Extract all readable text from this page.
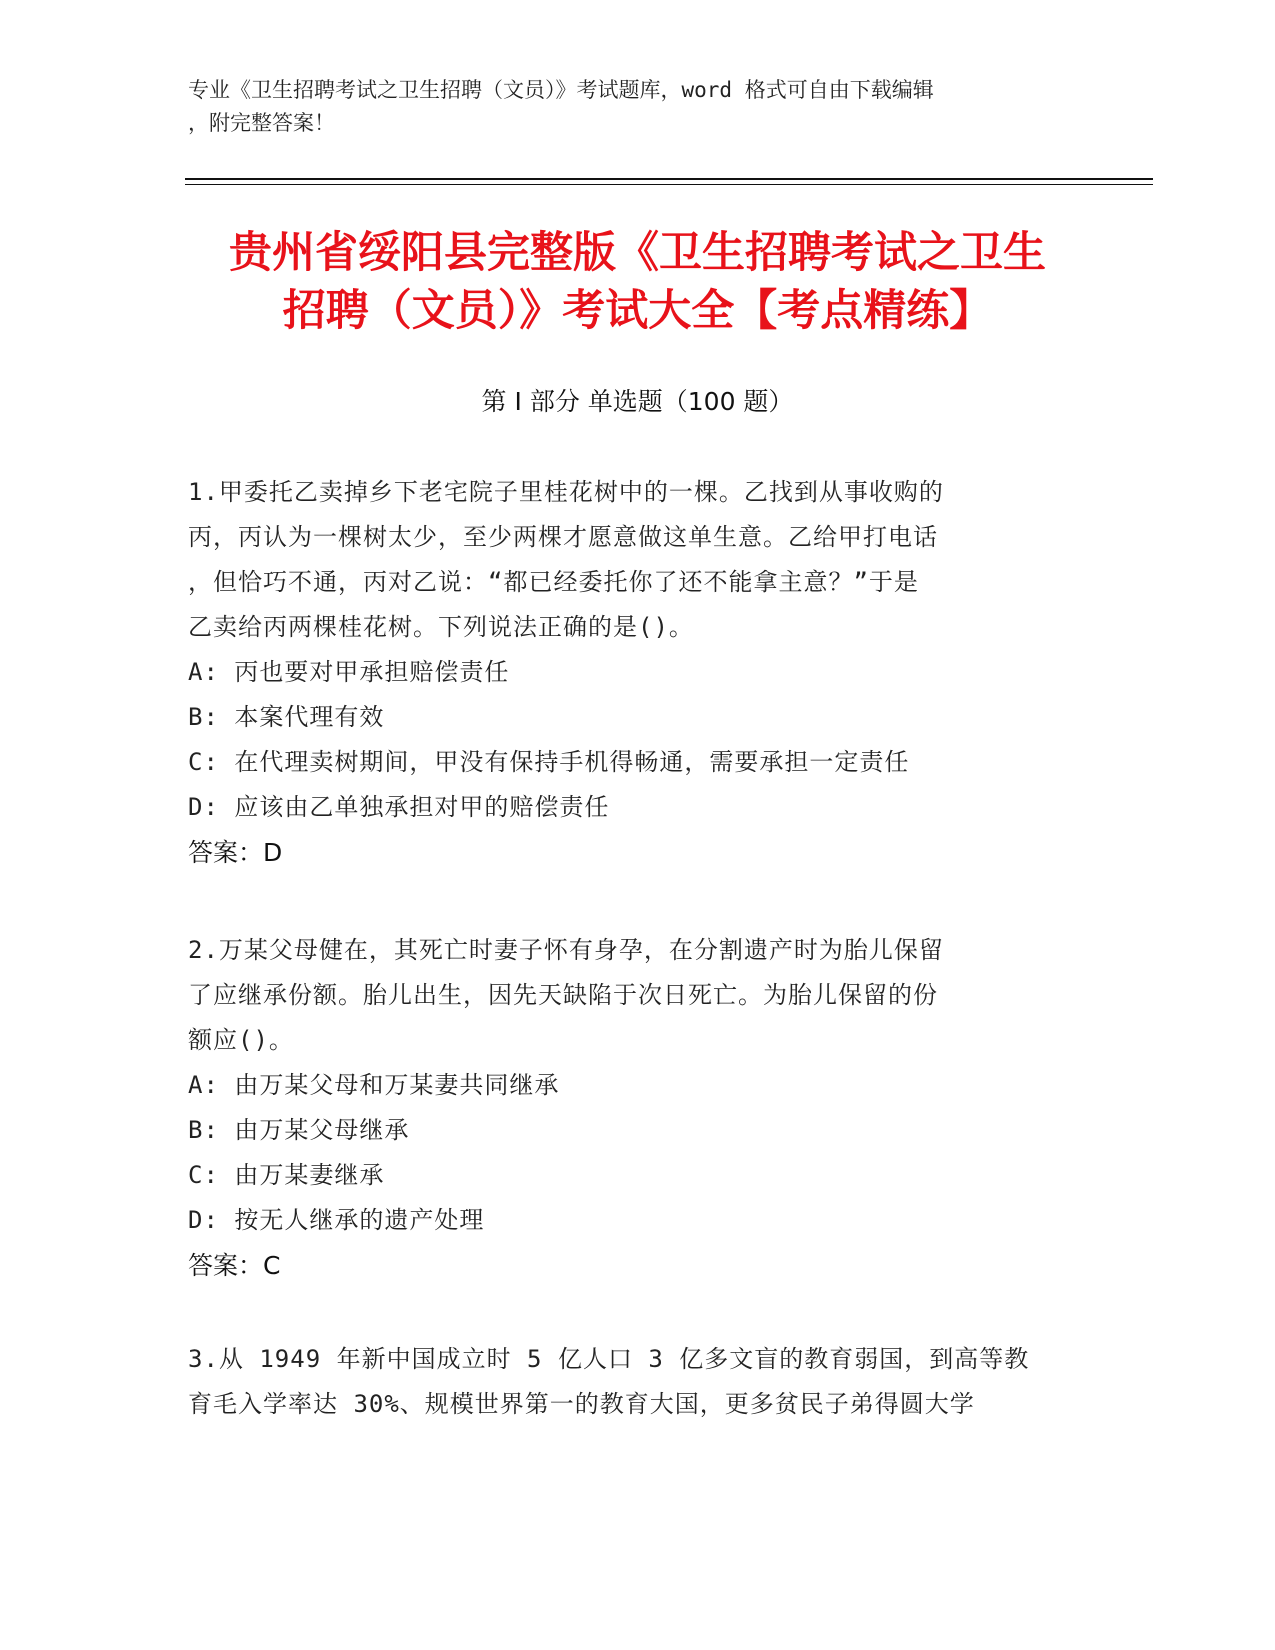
专业《卫生招聘考试之卫生招聘（文员）》考试题库，word 格式可自由下载编辑
，附完整答案！
贵州省绥阳县完整版《卫生招聘考试之卫生
招聘（文员）》考试大全【考点精练】
第 I 部分 单选题（100 题）
1.甲委托乙卖掉乡下老宅院子里桂花树中的一棵。乙找到从事收购的
丙，丙认为一棵树太少，至少两棵才愿意做这单生意。乙给甲打电话
，但恰巧不通，丙对乙说：“都已经委托你了还不能拿主意？”于是
乙卖给丙两棵桂花树。下列说法正确的是()。
A: 丙也要对甲承担赔偿责任
B: 本案代理有效
C: 在代理卖树期间，甲没有保持手机得畅通，需要承担一定责任
D: 应该由乙单独承担对甲的赔偿责任
答案：D
2.万某父母健在，其死亡时妻子怀有身孕，在分割遗产时为胎儿保留
了应继承份额。胎儿出生，因先天缺陷于次日死亡。为胎儿保留的份
额应()。
A: 由万某父母和万某妻共同继承
B: 由万某父母继承
C: 由万某妻继承
D: 按无人继承的遗产处理
答案：C
3.从 1949 年新中国成立时 5 亿人口 3 亿多文盲的教育弱国，到高等教
育毛入学率达 30%、规模世界第一的教育大国，更多贫民子弟得圆大学
